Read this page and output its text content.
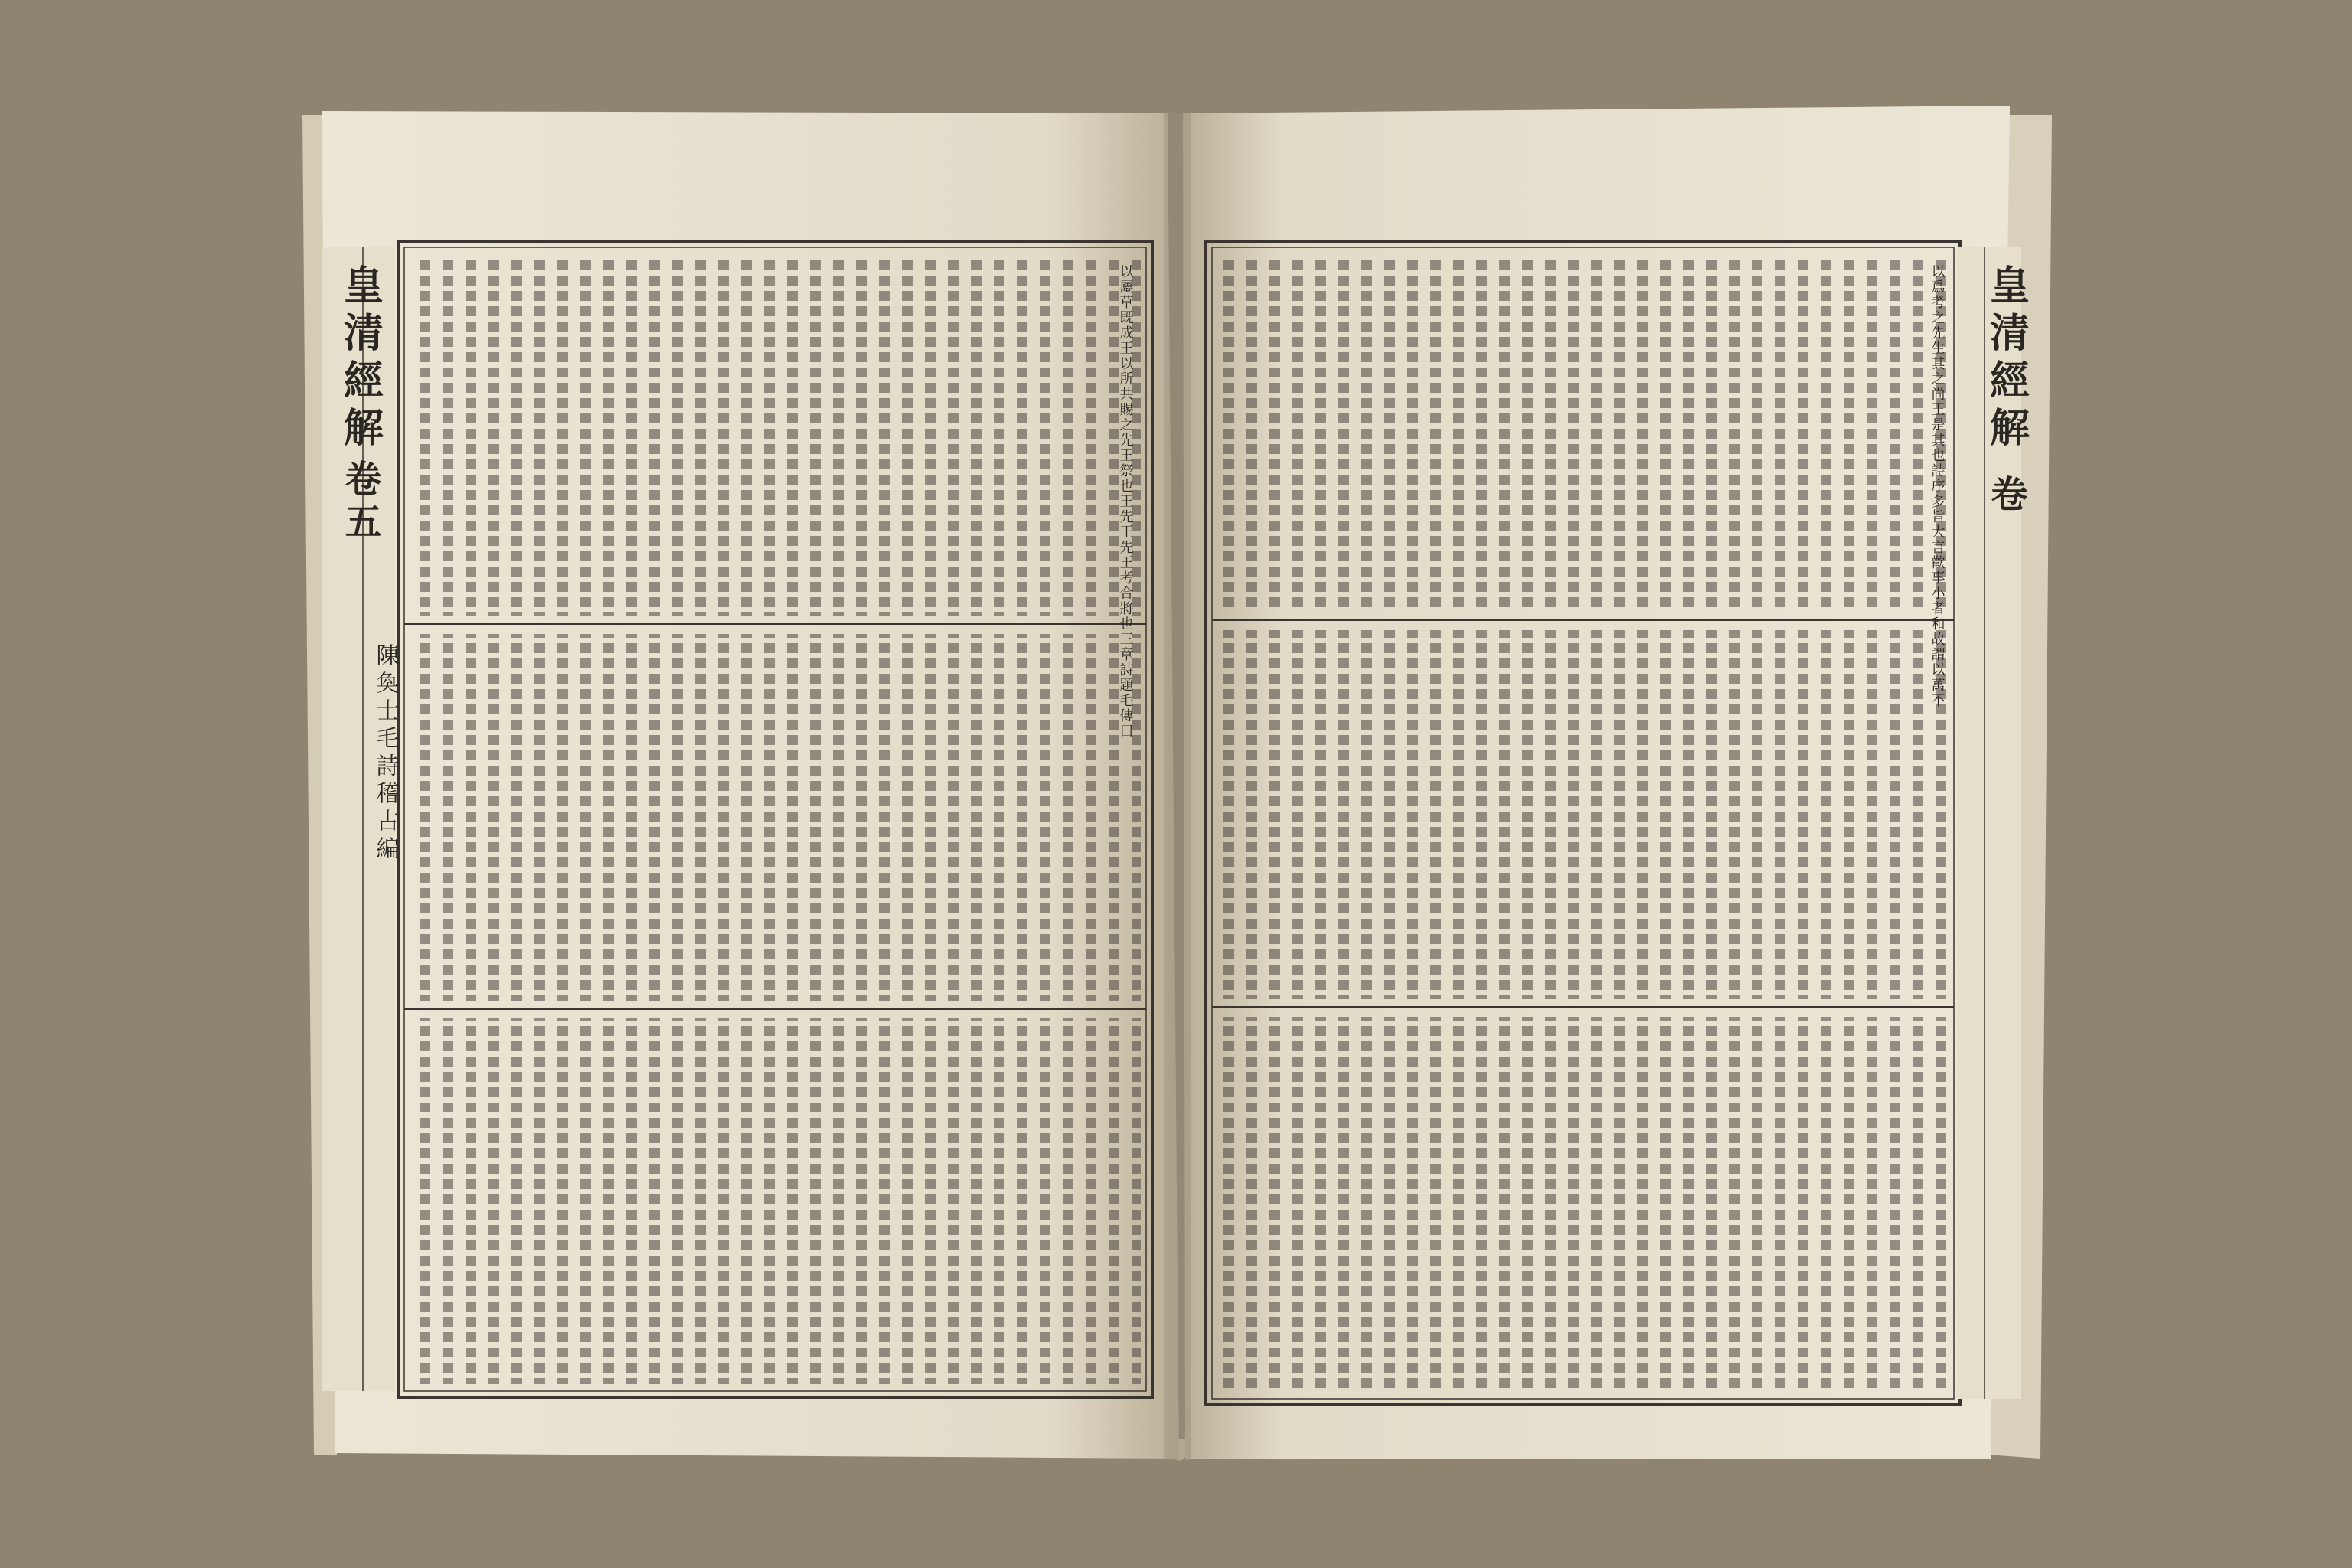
皇清經解
卷五
陳奐士毛詩稽古編
以屬草既成王以所共賜之先王祭也王先王先王考合將也三章詩題毛傳曰	皇清經解
卷
以爲考之先生其之尚王是其也詩序多旨大言歡事小者和故謂以萬不
